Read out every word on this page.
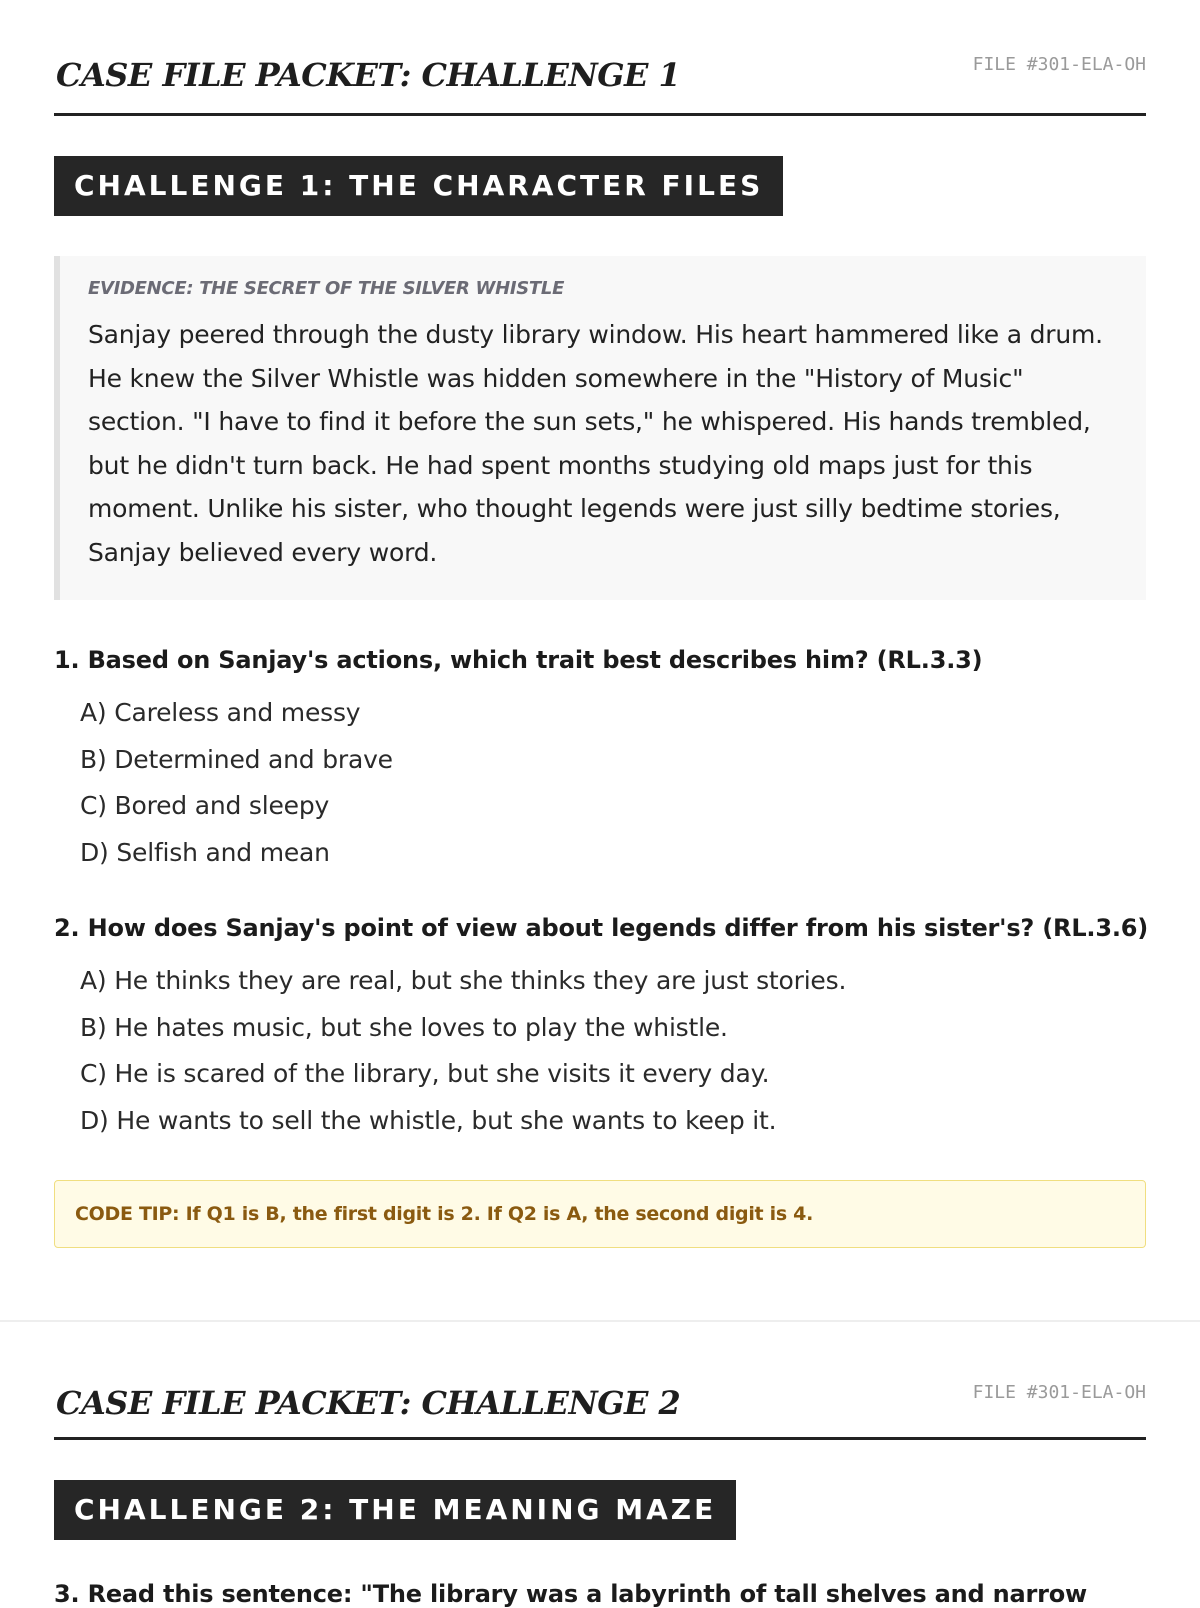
CASE FILE PACKET: CHALLENGE 1	FILE #301-ELA-OH
CHALLENGE 1: THE CHARACTER FILES

EVIDENCE: THE SECRET OF THE SILVER WHISTLE

Sanjay peered through the dusty library window. His heart hammered like a drum. He knew the Silver Whistle was hidden somewhere in the "History of Music" section. "I have to find it before the sun sets," he whispered. His hands trembled, but he didn't turn back. He had spent months studying old maps just for this moment. Unlike his sister, who thought legends were just silly bedtime stories, Sanjay believed every word.

1. Based on Sanjay's actions, which trait best describes him? (RL.3.3)

A) Careless and messy
B) Determined and brave
C) Bored and sleepy
D) Selfish and mean

2. How does Sanjay's point of view about legends differ from his sister's? (RL.3.6)

A) He thinks they are real, but she thinks they are just stories.
B) He hates music, but she loves to play the whistle.
C) He is scared of the library, but she visits it every day.
D) He wants to sell the whistle, but she wants to keep it.
CODE TIP: If Q1 is B, the first digit is 2. If Q2 is A, the second digit is 4.
CASE FILE PACKET: CHALLENGE 2	FILE #301-ELA-OH
CHALLENGE 2: THE MEANING MAZE

3. Read this sentence: "The library was a labyrinth of tall shelves and narrow
